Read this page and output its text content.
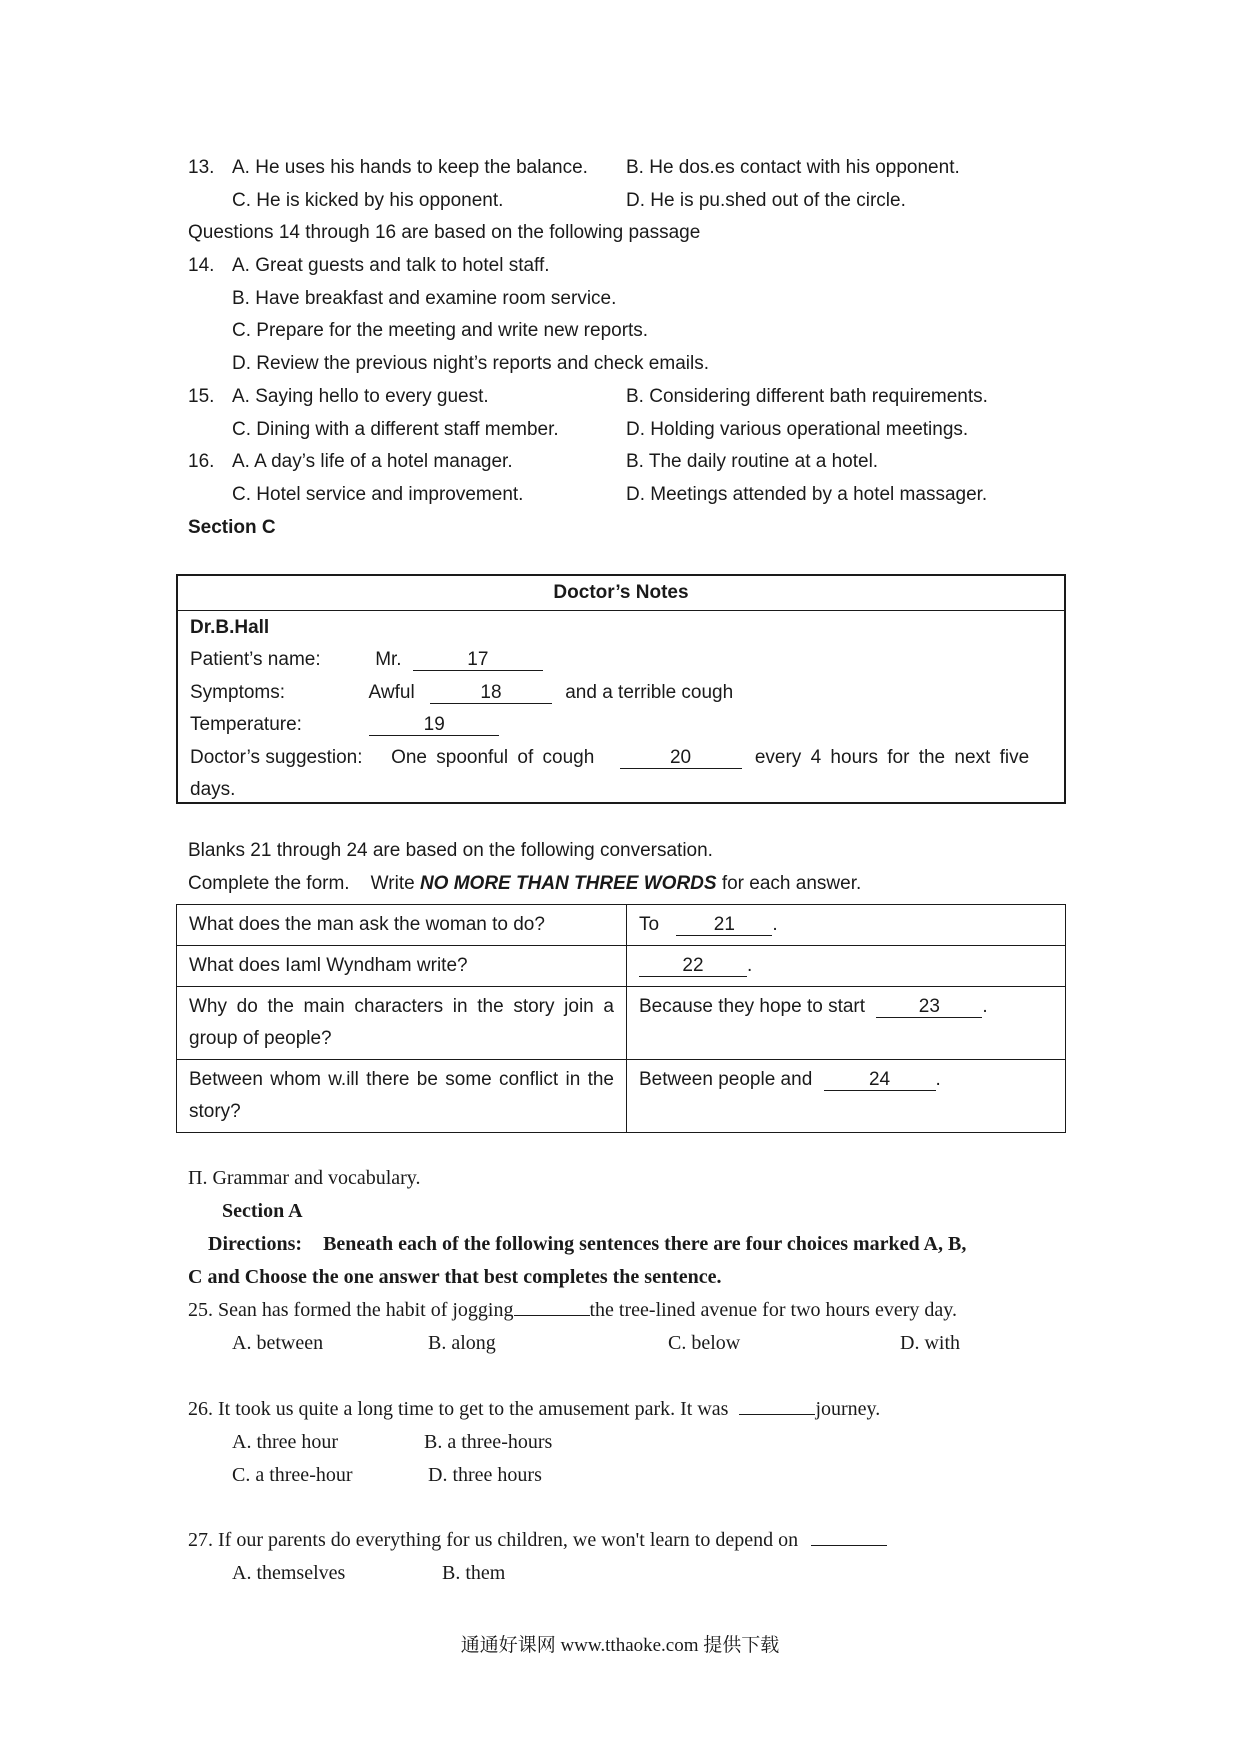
13. A. He uses his hands to keep the balance. B. He dos.es contact with his opponent.
C. He is kicked by his opponent.	D. He is pu.shed out of the circle.
Questions 14 through 16 are based on the following passage
14. A. Great guests and talk to hotel staff.
B. Have breakfast and examine room service.
C. Prepare for the meeting and write new reports.
D. Review the previous night’s reports and check emails.
15. A. Saying hello to every guest.	B. Considering different bath requirements.
C. Dining with a different staff member.	D. Holding various operational meetings.
16. A. A day’s life of a hotel manager.	B. The daily routine at a hotel.
C. Hotel service and improvement.	D. Meetings attended by a hotel massager.
Section C
Doctor’s Notes
Dr.B.Hall
Patient’s name:	Mr.	17
Symptoms:	Awful	18	and a terrible cough
Temperature:	19
Doctor’s suggestion: One spoonful of cough	20	every 4 hours for the next five
days.
Blanks 21 through 24 are based on the following conversation.
Complete the form.    Write NO MORE THAN THREE WORDS for each answer.
What does the man ask the woman to do?	To 21 .
What does Iaml Wyndham write?	22 .
Why do the main characters in the story join a group of people?	Because they hope to start 23 .
Between whom w.ill there be some conflict in the story?	Between people and 24 .
Π. Grammar and vocabulary.
Section A
Directions: Beneath each of the following sentences there are four choices marked A, B,
C and Choose the one answer that best completes the sentence.
25. Sean has formed the habit of jogging	the tree-lined avenue for two hours every day.
A. between	B. along	C. below	D. with
26. It took us quite a long time to get to the amusement park. It was	journey.
A. three hour	B. a three-hours
C. a three-hour	D. three hours
27. If our parents do everything for us children, we won't learn to depend on
A. themselves	B. them
通通好课网 www.tthaoke.com 提供下载
